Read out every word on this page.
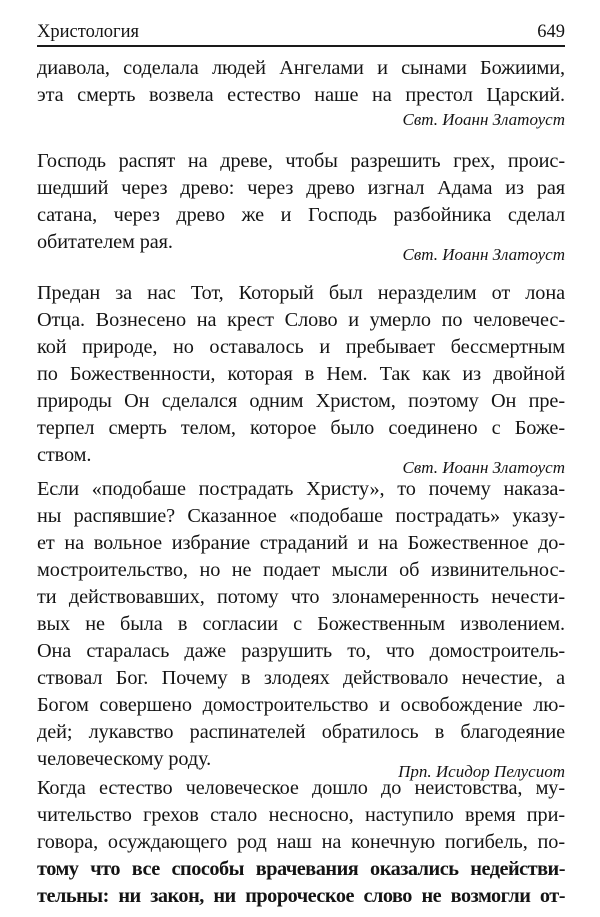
Христология	649
диавола, соделала людей Ангелами и сынами Божиими,
эта смерть возвела естество наше на престол Царский.
Свт. Иоанн Златоуст
Господь распят на древе, чтобы разрешить грех, проис-
шедший через древо: через древо изгнал Адама из рая
сатана, через древо же и Господь разбойника сделал
обитателем рая.
Свт. Иоанн Златоуст
Предан за нас Тот, Который был неразделим от лона
Отца. Вознесено на крест Слово и умерло по человечес-
кой природе, но оставалось и пребывает бессмертным
по Божественности, которая в Нем. Так как из двойной
природы Он сделался одним Христом, поэтому Он пре-
терпел смерть телом, которое было соединено с Боже-
ством.
Свт. Иоанн Златоуст
Если «подобаше пострадать Христу», то почему наказа-
ны распявшие? Сказанное «подобаше пострадать» указу-
ет на вольное избрание страданий и на Божественное до-
мостроительство, но не подает мысли об извинительнос-
ти действовавших, потому что злонамеренность нечести-
вых не была в согласии с Божественным изволением.
Она старалась даже разрушить то, что домостроитель-
ствовал Бог. Почему в злодеях действовало нечестие, а
Богом совершено домостроительство и освобождение лю-
дей; лукавство распинателей обратилось в благодеяние
человеческому роду.
Прп. Исидор Пелусиот
Когда естество человеческое дошло до неистовства, му-
чительство грехов стало несносно, наступило время при-
говора, осуждающего род наш на конечную погибель, по-
тому что все способы врачевания оказались недействи-
тельны: ни закон, ни пророческое слово не возмогли от-
